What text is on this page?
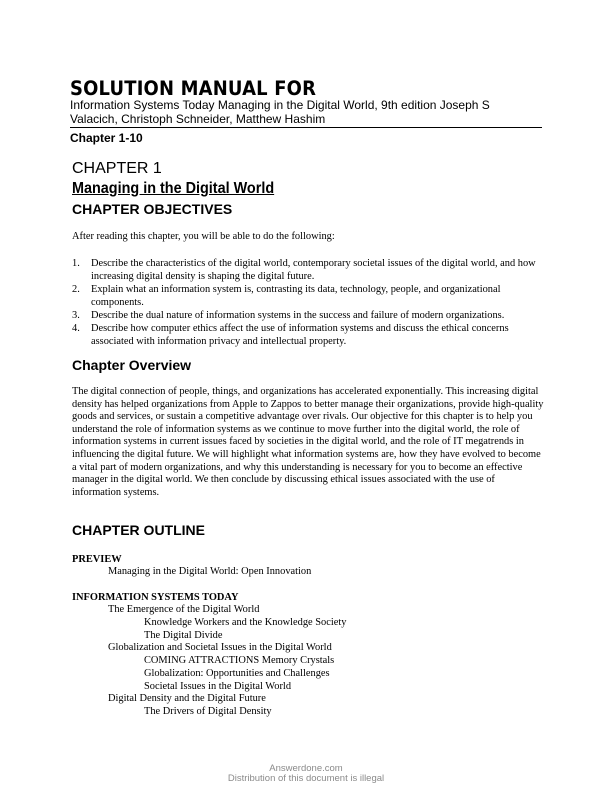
SOLUTION MANUAL FOR
Information Systems Today Managing in the Digital World, 9th edition Joseph S Valacich, Christoph Schneider, Matthew Hashim
Chapter 1-10
CHAPTER 1
Managing in the Digital World
CHAPTER OBJECTIVES
After reading this chapter, you will be able to do the following:
1. Describe the characteristics of the digital world, contemporary societal issues of the digital world, and how increasing digital density is shaping the digital future.
2. Explain what an information system is, contrasting its data, technology, people, and organizational components.
3. Describe the dual nature of information systems in the success and failure of modern organizations.
4. Describe how computer ethics affect the use of information systems and discuss the ethical concerns associated with information privacy and intellectual property.
Chapter Overview
The digital connection of people, things, and organizations has accelerated exponentially. This increasing digital density has helped organizations from Apple to Zappos to better manage their organizations, provide high-quality goods and services, or sustain a competitive advantage over rivals. Our objective for this chapter is to help you understand the role of information systems as we continue to move further into the digital world, the role of information systems in current issues faced by societies in the digital world, and the role of IT megatrends in influencing the digital future. We will highlight what information systems are, how they have evolved to become a vital part of modern organizations, and why this understanding is necessary for you to become an effective manager in the digital world. We then conclude by discussing ethical issues associated with the use of information systems.
CHAPTER OUTLINE
PREVIEW
Managing in the Digital World: Open Innovation
INFORMATION SYSTEMS TODAY
The Emergence of the Digital World
Knowledge Workers and the Knowledge Society
The Digital Divide
Globalization and Societal Issues in the Digital World
COMING ATTRACTIONS Memory Crystals
Globalization: Opportunities and Challenges
Societal Issues in the Digital World
Digital Density and the Digital Future
The Drivers of Digital Density
Answerdone.com
Distribution of this document is illegal
